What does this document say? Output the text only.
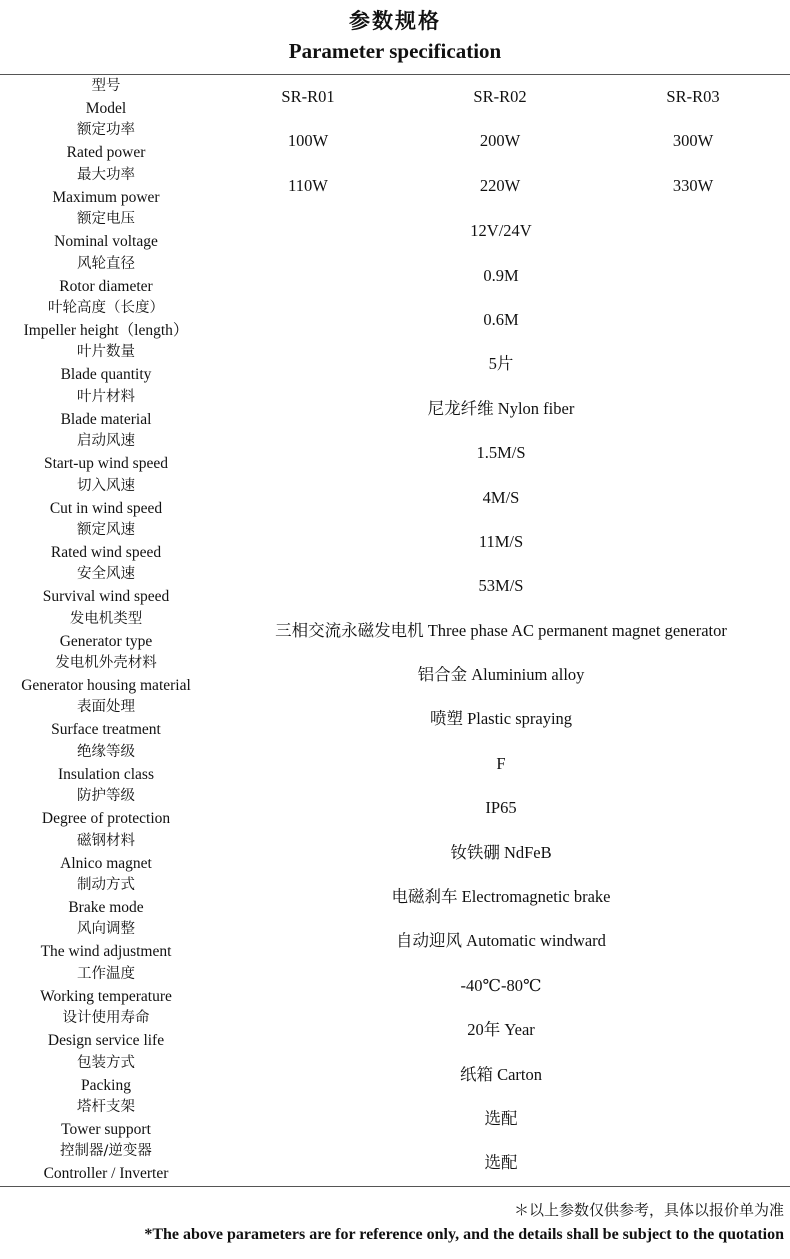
参数规格
Parameter specification
型号
Model
SR-R01	SR-R02	SR-R03
额定功率
Rated power
100W	200W	300W
最大功率
Maximum power
110W	220W	330W
额定电压
Nominal voltage
12V/24V
风轮直径
Rotor diameter
0.9M
叶轮高度（长度）
Impeller height（length）
0.6M
叶片数量
Blade quantity
5片
叶片材料
Blade material
尼龙纤维 Nylon fiber
启动风速
Start-up wind speed
1.5M/S
切入风速
Cut in wind speed
4M/S
额定风速
Rated wind speed
11M/S
安全风速
Survival wind speed
53M/S
发电机类型
Generator type
三相交流永磁发电机 Three phase AC permanent magnet generator
发电机外壳材料
Generator housing material
铝合金 Aluminium alloy
表面处理
Surface treatment
喷塑 Plastic spraying
绝缘等级
Insulation class
F
防护等级
Degree of protection
IP65
磁钢材料
Alnico magnet
钕铁硼 NdFeB
制动方式
Brake mode
电磁刹车 Electromagnetic brake
风向调整
The wind adjustment
自动迎风 Automatic windward
工作温度
Working temperature
-40℃-80℃
设计使用寿命
Design service life
20年 Year
包装方式
Packing
纸箱 Carton
塔杆支架
Tower support
选配
控制器/逆变器
Controller / Inverter
选配
＊以上参数仅供参考，具体以报价单为准
*The above parameters are for reference only, and the details shall be subject to the quotation
